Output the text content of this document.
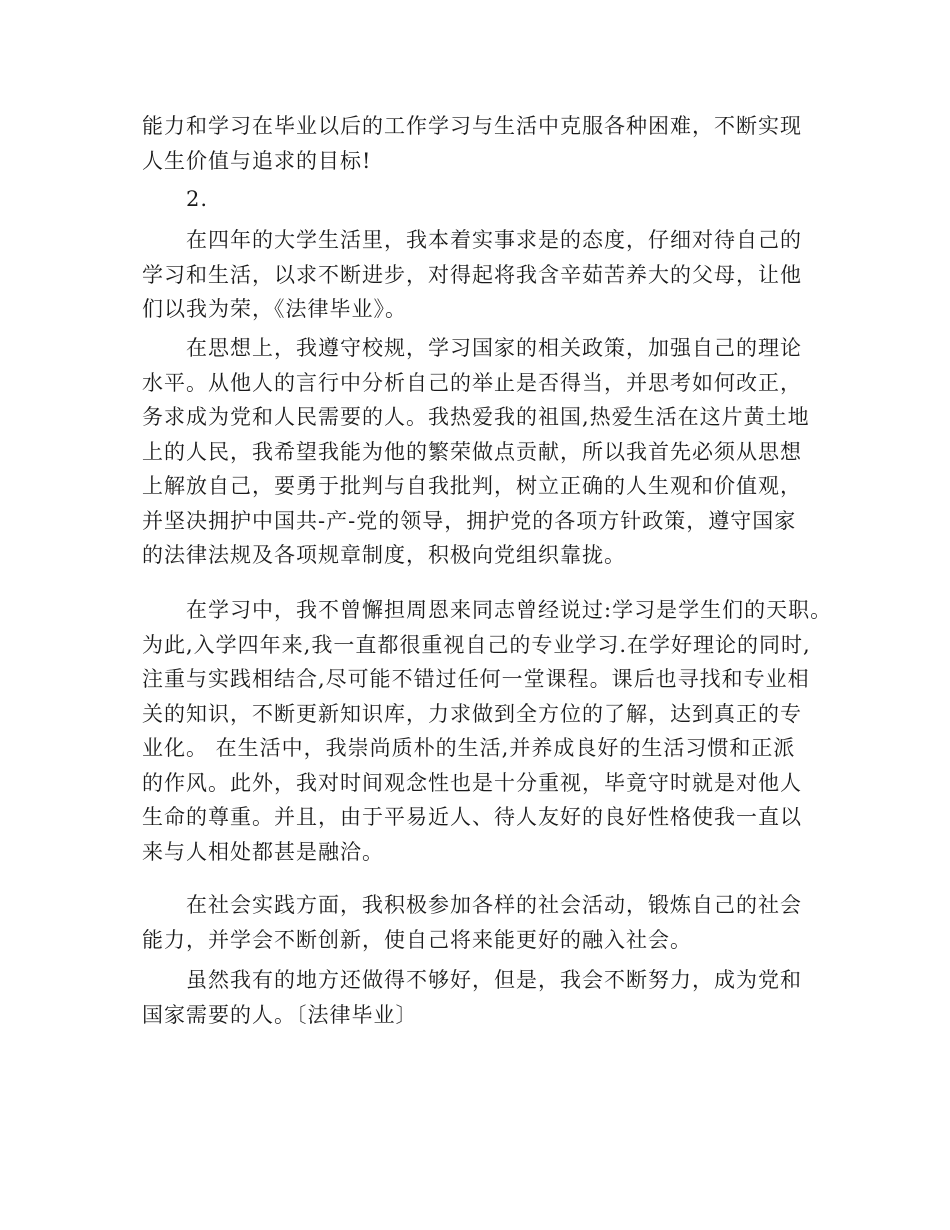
能力和学习在毕业以后的工作学习与生活中克服各种困难，不断实现
人生价值与追求的目标!

2.

在四年的大学生活里，我本着实事求是的态度，仔细对待自己的
学习和生活，以求不断进步，对得起将我含辛茹苦养大的父母，让他
们以我为荣，《法律毕业》。

在思想上，我遵守校规，学习国家的相关政策，加强自己的理论
水平。从他人的言行中分析自己的举止是否得当，并思考如何改正，
务求成为党和人民需要的人。我热爱我的祖国,热爱生活在这片黄土地
上的人民，我希望我能为他的繁荣做点贡献，所以我首先必须从思想
上解放自己，要勇于批判与自我批判，树立正确的人生观和价值观，
并坚决拥护中国共-产-党的领导，拥护党的各项方针政策，遵守国家
的法律法规及各项规章制度，积极向党组织靠拢。

在学习中，我不曾懈担周恩来同志曾经说过:学习是学生们的天职。
为此,入学四年来,我一直都很重视自己的专业学习.在学好理论的同时,
注重与实践相结合,尽可能不错过任何一堂课程。课后也寻找和专业相
关的知识，不断更新知识库，力求做到全方位的了解，达到真正的专
业化。 在生活中，我崇尚质朴的生活,并养成良好的生活习惯和正派
的作风。此外，我对时间观念性也是十分重视，毕竟守时就是对他人
生命的尊重。并且，由于平易近人、待人友好的良好性格使我一直以
来与人相处都甚是融洽。

在社会实践方面，我积极参加各样的社会活动，锻炼自己的社会
能力，并学会不断创新，使自己将来能更好的融入社会。

虽然我有的地方还做得不够好，但是，我会不断努力，成为党和
国家需要的人。〔法律毕业〕
